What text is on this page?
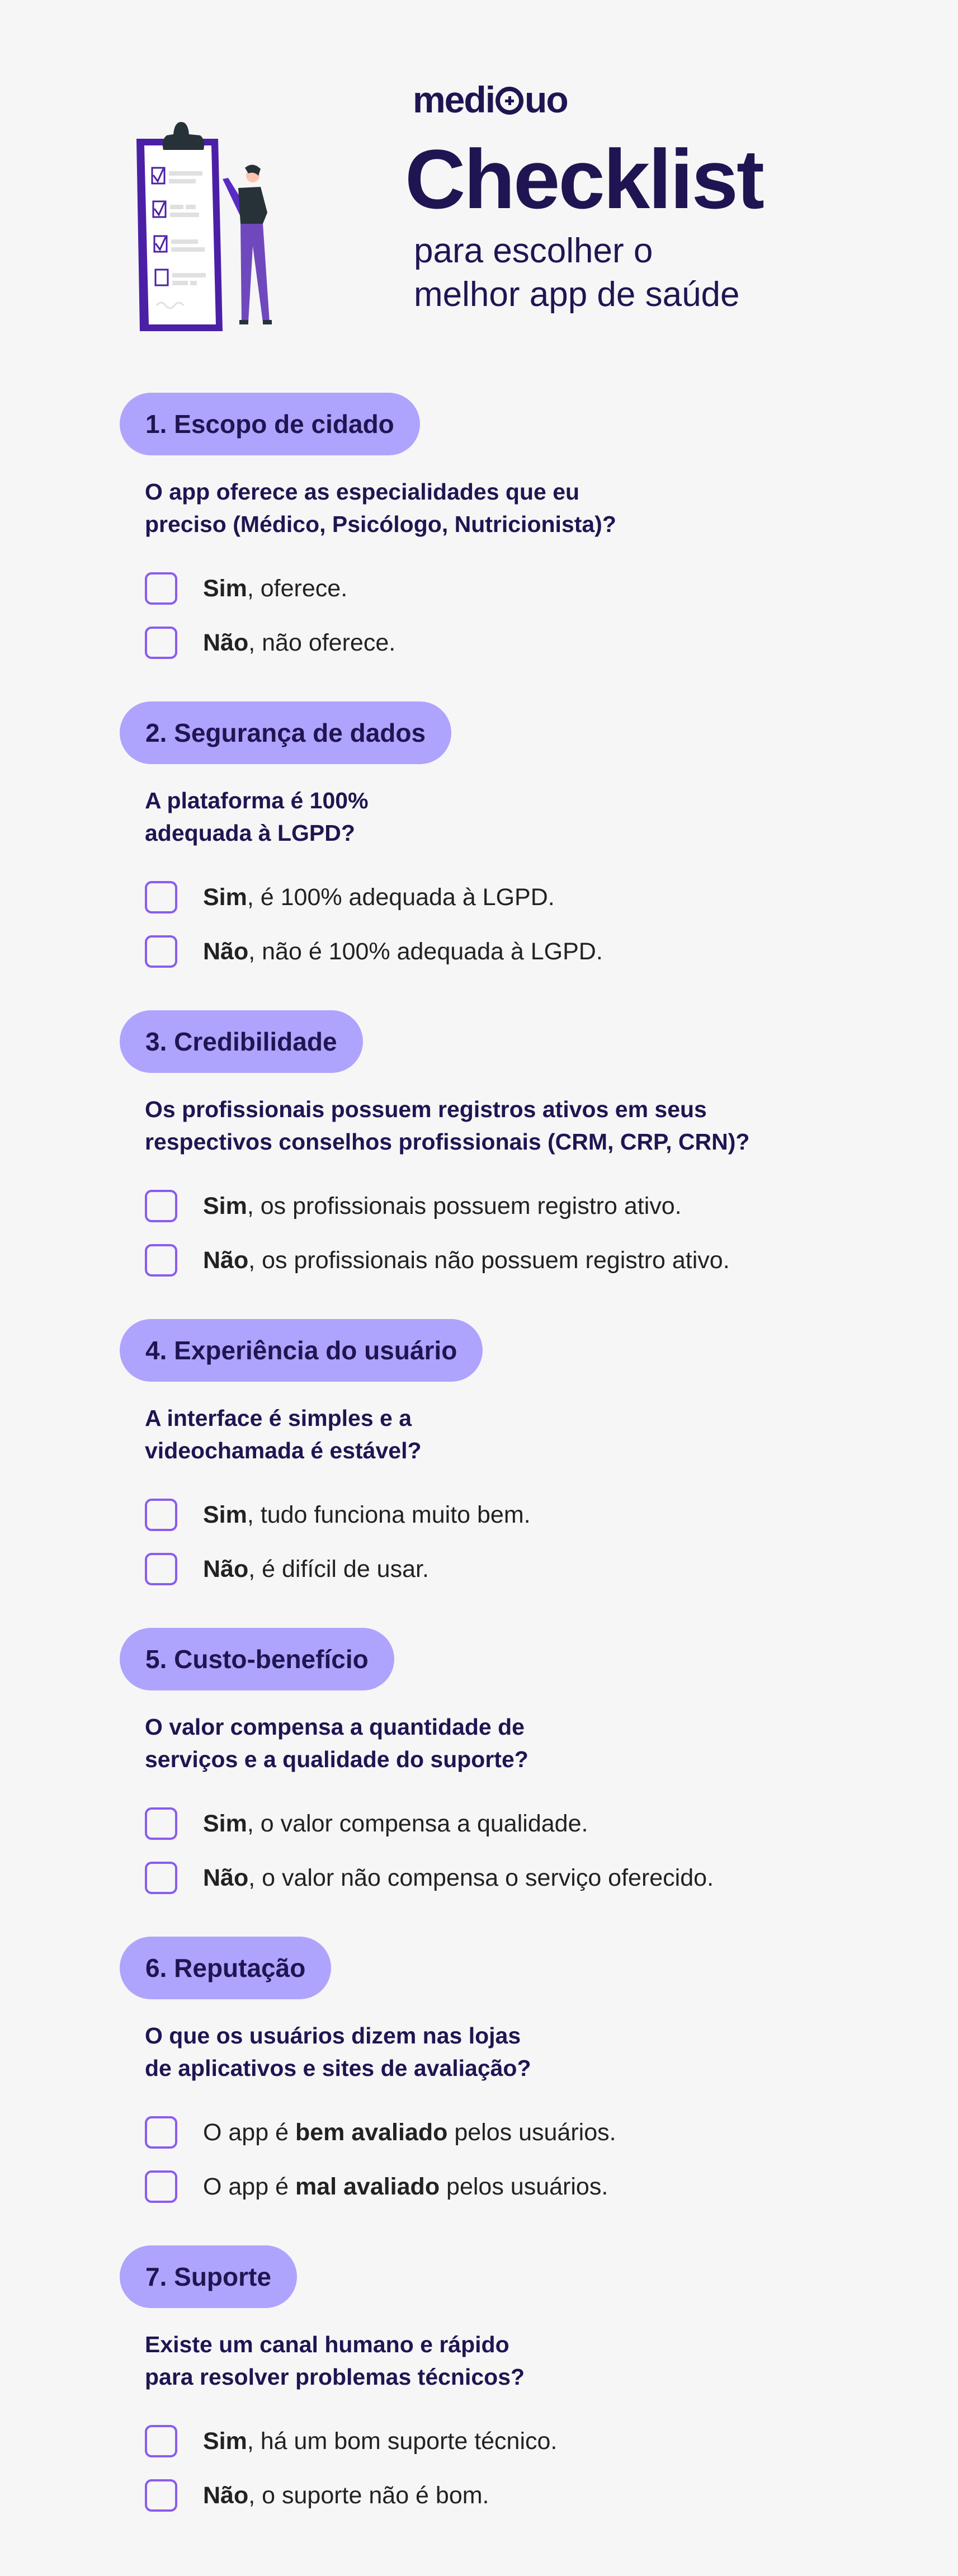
medi uo
Checklist
para escolher o
melhor app de saúde
1. Escopo de cidado
O app oferece as especialidades que eu
preciso (Médico, Psicólogo, Nutricionista)?
Sim, oferece.
Não, não oferece.
2. Segurança de dados
A plataforma é 100%
adequada à LGPD?
Sim, é 100% adequada à LGPD.
Não, não é 100% adequada à LGPD.
3. Credibilidade
Os profissionais possuem registros ativos em seus
respectivos conselhos profissionais (CRM, CRP, CRN)?
Sim, os profissionais possuem registro ativo.
Não, os profissionais não possuem registro ativo.
4. Experiência do usuário
A interface é simples e a
videochamada é estável?
Sim, tudo funciona muito bem.
Não, é difícil de usar.
5. Custo-benefício
O valor compensa a quantidade de
serviços e a qualidade do suporte?
Sim, o valor compensa a qualidade.
Não, o valor não compensa o serviço oferecido.
6. Reputação
O que os usuários dizem nas lojas
de aplicativos e sites de avaliação?
O app é bem avaliado pelos usuários.
O app é mal avaliado pelos usuários.
7. Suporte
Existe um canal humano e rápido
para resolver problemas técnicos?
Sim, há um bom suporte técnico.
Não, o suporte não é bom.
